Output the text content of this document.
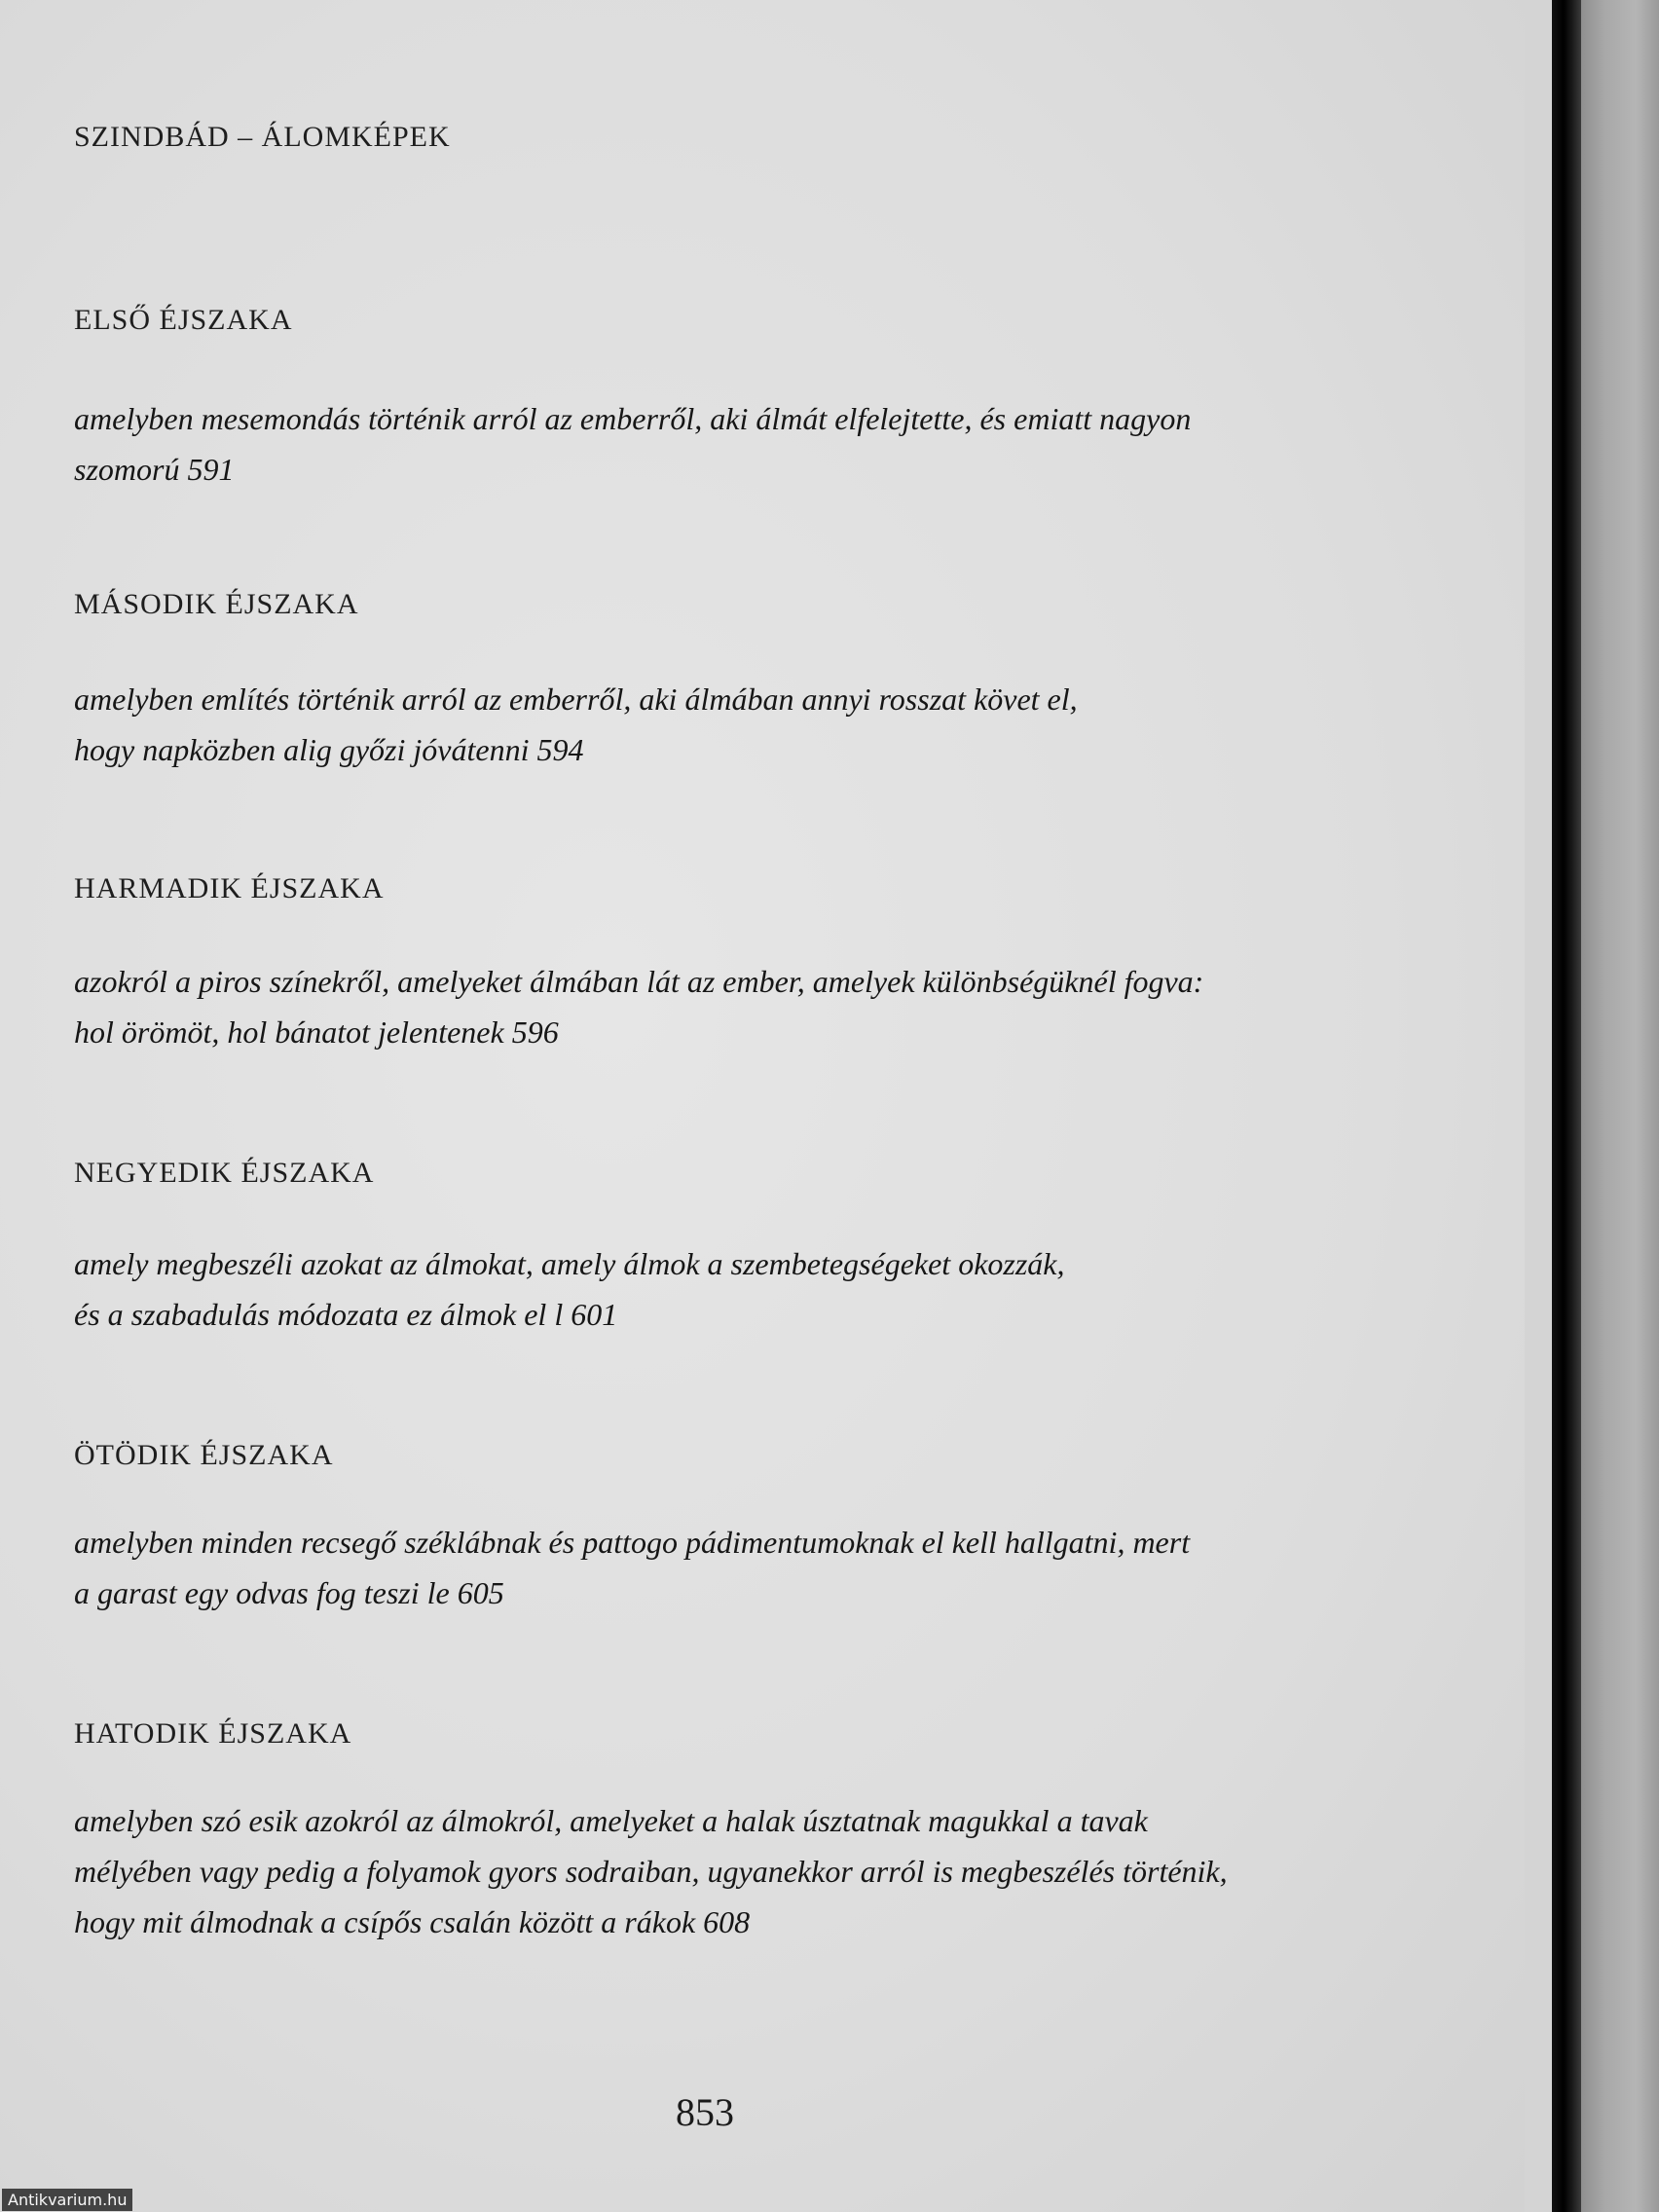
SZINDBÁD – ÁLOMKÉPEK
ELSŐ ÉJSZAKA
amelyben mesemondás történik arról az emberről, aki álmát elfelejtette, és emiatt nagyon
szomorú 591
MÁSODIK ÉJSZAKA
amelyben említés történik arról az emberről, aki álmában annyi rosszat követ el,
hogy napközben alig győzi jóvátenni 594
HARMADIK ÉJSZAKA
azokról a piros színekről, amelyeket álmában lát az ember, amelyek különbségüknél fogva:
hol örömöt, hol bánatot jelentenek 596
NEGYEDIK ÉJSZAKA
amely megbeszéli azokat az álmokat, amely álmok a szembetegségeket okozzák,
és a szabadulás módozata ez álmok el l 601
ÖTÖDIK ÉJSZAKA
amelyben minden recsegő széklábnak és pattogo pádimentumoknak el kell hallgatni, mert
a garast egy odvas fog teszi le 605
HATODIK ÉJSZAKA
amelyben szó esik azokról az álmokról, amelyeket a halak úsztatnak magukkal a tavak
mélyében vagy pedig a folyamok gyors sodraiban, ugyanekkor arról is megbeszélés történik,
hogy mit álmodnak a csípős csalán között a rákok 608
853
Antikvarium.hu
